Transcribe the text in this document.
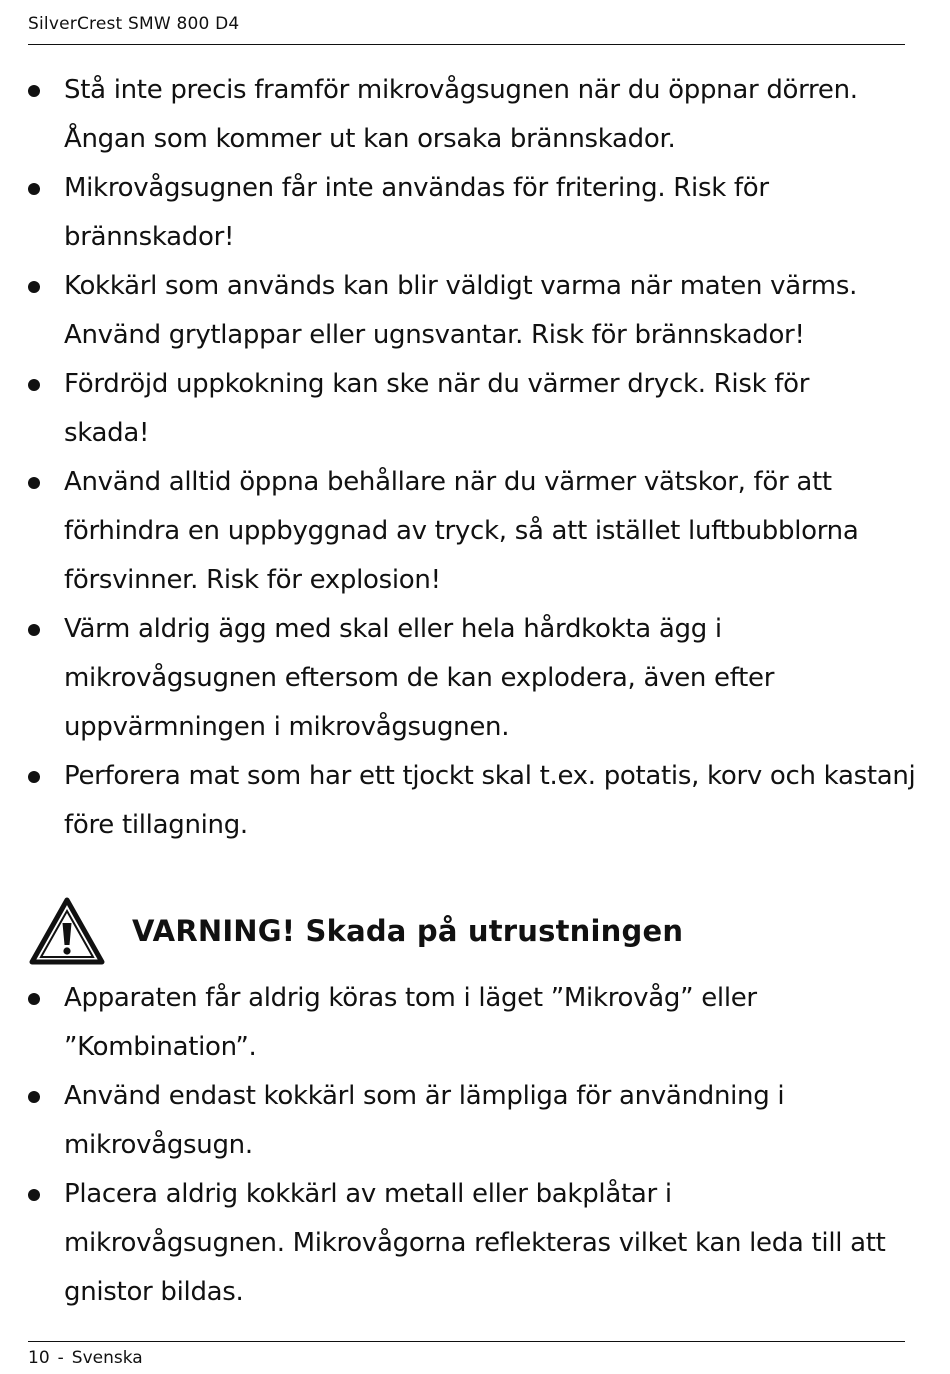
SilverCrest SMW 800 D4
Stå inte precis framför mikrovågsugnen när du öppnar dörren.
Ångan som kommer ut kan orsaka brännskador.
Mikrovågsugnen får inte användas för fritering. Risk för
brännskador!
Kokkärl som används kan blir väldigt varma när maten värms.
Använd grytlappar eller ugnsvantar. Risk för brännskador!
Fördröjd uppkokning kan ske när du värmer dryck. Risk för
skada!
Använd alltid öppna behållare när du värmer vätskor, för att
förhindra en uppbyggnad av tryck, så att istället luftbubblorna
försvinner. Risk för explosion!
Värm aldrig ägg med skal eller hela hårdkokta ägg i
mikrovågsugnen eftersom de kan explodera, även efter
uppvärmningen i mikrovågsugnen.
Perforera mat som har ett tjockt skal t.ex. potatis, korv och kastanj
före tillagning.
VARNING! Skada på utrustningen
Apparaten får aldrig köras tom i läget ”Mikrovåg” eller
”Kombination”.
Använd endast kokkärl som är lämpliga för användning i
mikrovågsugn.
Placera aldrig kokkärl av metall eller bakplåtar i
mikrovågsugnen. Mikrovågorna reflekteras vilket kan leda till att
gnistor bildas.
10 - Svenska
